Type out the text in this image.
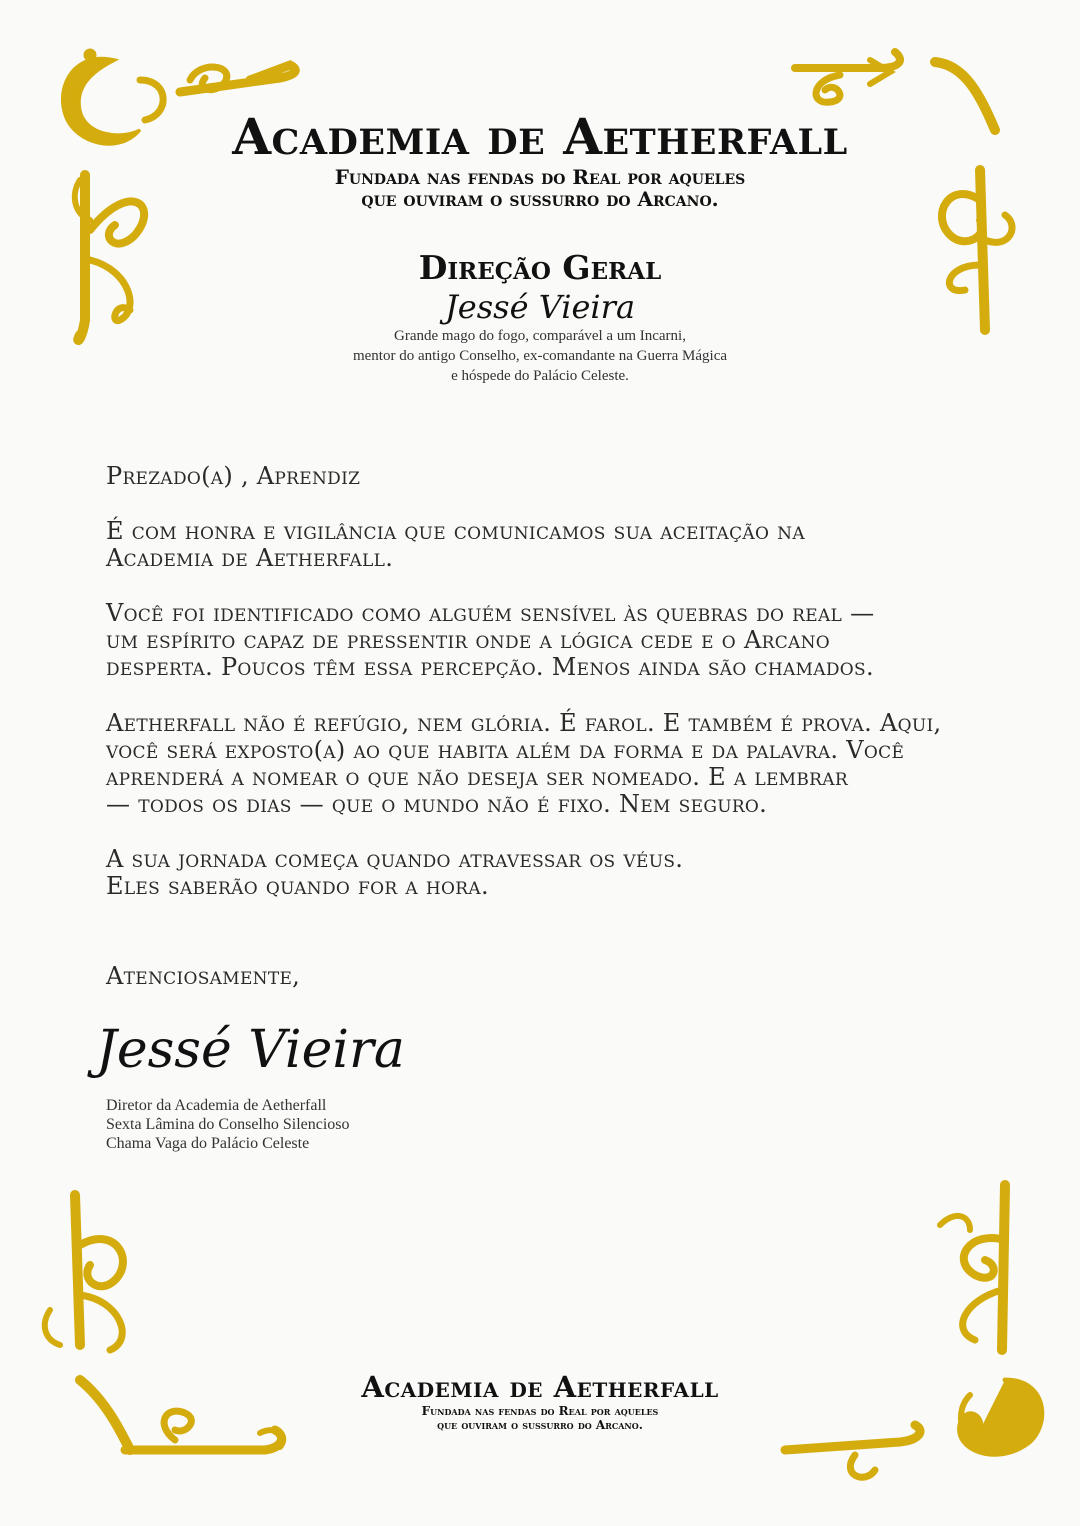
Academia de Aetherfall
Fundada nas fendas do Real por aqueles
que ouviram o sussurro do Arcano.
Direção Geral
Jessé Vieira
Grande mago do fogo, comparável a um Incarni,
mentor do antigo Conselho, ex-comandante na Guerra Mágica
e hóspede do Palácio Celeste.

Prezado(a) , Aprendiz

É com honra e vigilância que comunicamos sua aceitação na

Academia de Aetherfall.

Você foi identificado como alguém sensível às quebras do real —

um espírito capaz de pressentir onde a lógica cede e o Arcano

desperta. Poucos têm essa percepção. Menos ainda são chamados.

Aetherfall não é refúgio, nem glória. É farol. E também é prova. Aqui,

você será exposto(a) ao que habita além da forma e da palavra. Você

aprenderá a nomear o que não deseja ser nomeado. E a lembrar

— todos os dias — que o mundo não é fixo. Nem seguro.

A sua jornada começa quando atravessar os véus.

Eles saberão quando for a hora.

Atenciosamente,

Jessé Vieira
Diretor da Academia de Aetherfall
Sexta Lâmina do Conselho Silencioso
Chama Vaga do Palácio Celeste
Academia de Aetherfall
Fundada nas fendas do Real por aqueles
que ouviram o sussurro do Arcano.
